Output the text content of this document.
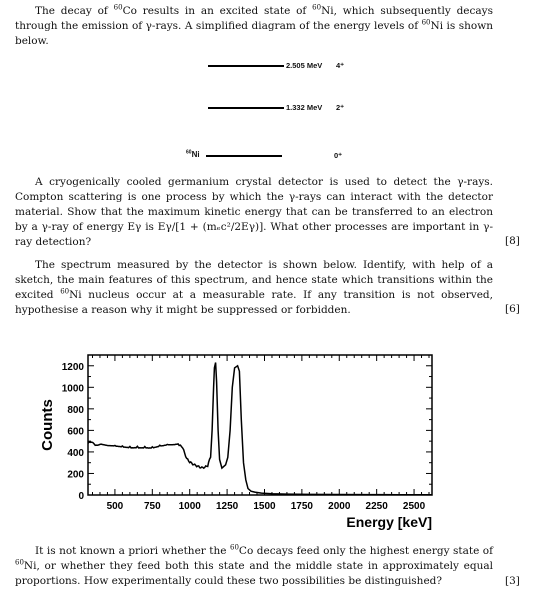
The decay of $^{60}$Co results in an excited state of $^{60}$Ni, which subsequently decays through the emission of γ-rays. A simplified diagram of the energy levels of $^{60}$Ni is shown below.

2.505 MeV 4⁺
1.332 MeV 2⁺
$^{60}$Ni	0⁺

A cryogenically cooled germanium crystal detector is used to detect the γ-rays. Compton scattering is one process by which the γ-rays can interact with the detector material. Show that the maximum kinetic energy that can be transferred to an electron by a γ-ray of energy Eγ is Eγ/[1 + (mₑc²/2Eγ)]. What other processes are important in γ-ray detection?	[8]

The spectrum measured by the detector is shown below. Identify, with help of a sketch, the main features of this spectrum, and hence state which transitions within the excited $^{60}$Ni nucleus occur at a measurable rate. If any transition is not observed, hypothesise a reason why it might be suppressed or forbidden.	[6]
500 750 1000 1250 1500 1750 2000 2250 2500
0
200
400
600
800
1000
1200
Counts
Energy [keV]

It is not known a priori whether the $^{60}$Co decays feed only the highest energy state of $^{60}$Ni, or whether they feed both this state and the middle state in approximately equal proportions. How experimentally could these two possibilities be distinguished?	[3]
